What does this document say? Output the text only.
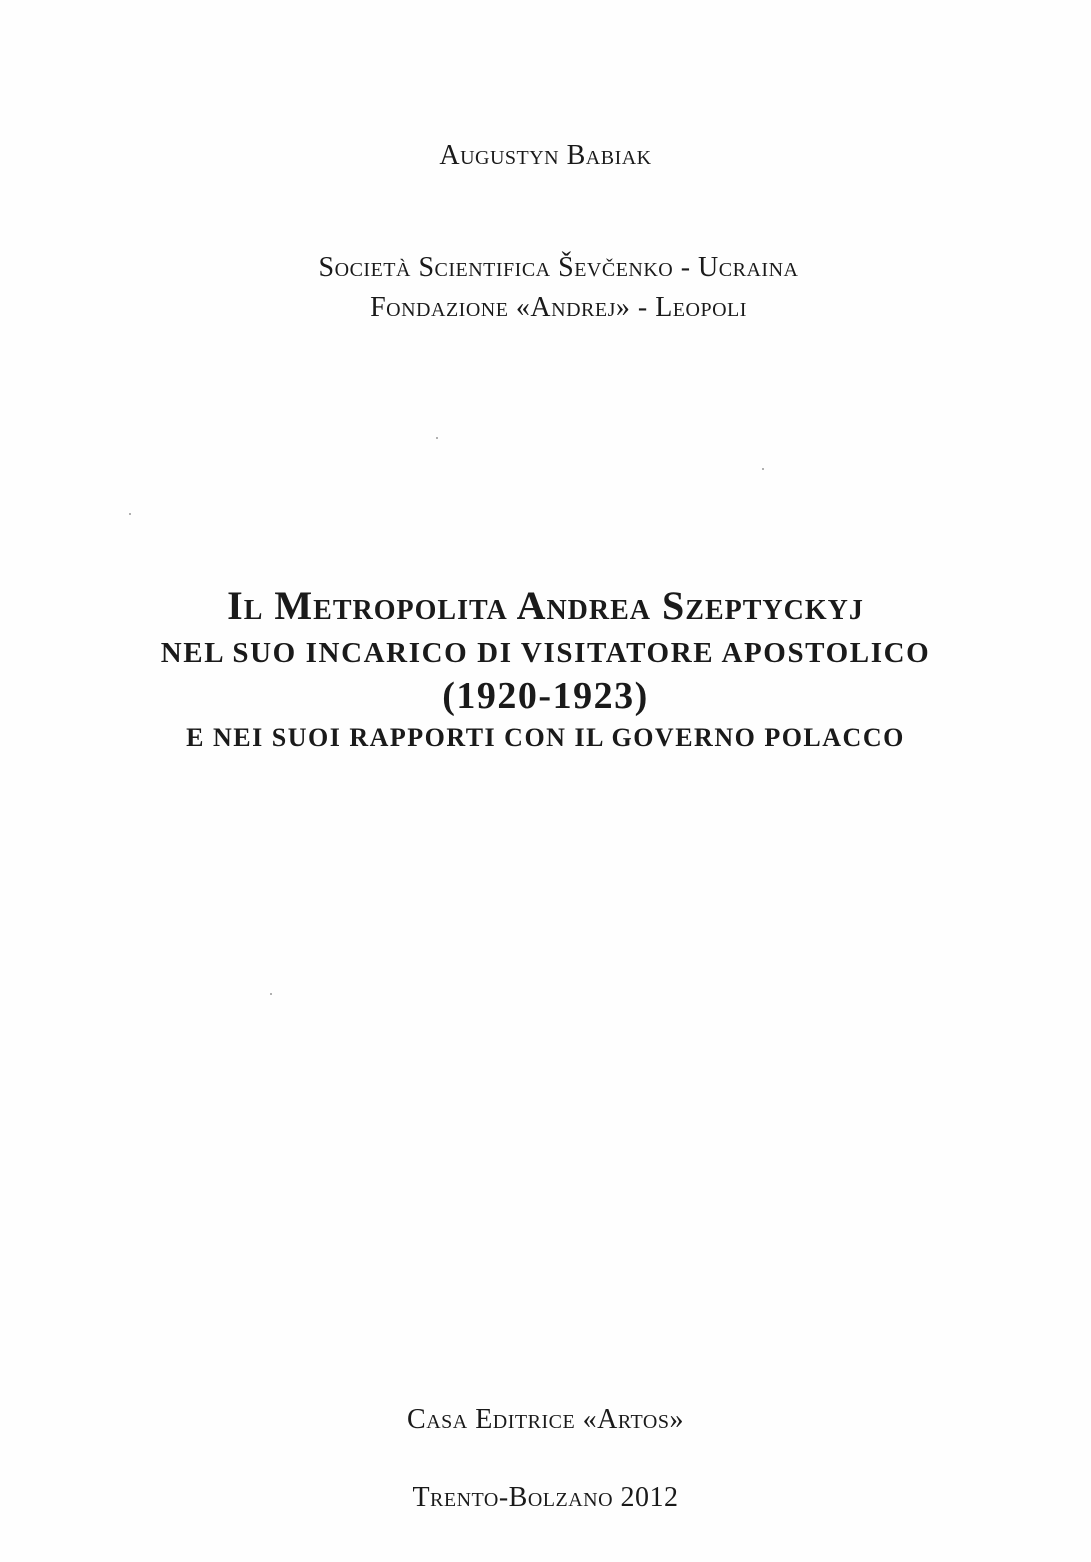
Augustyn Babiak
Società Scientifica Ševčenko - Ucraina
Fondazione «Andrej» - Leopoli
Il Metropolita Andrea Szeptyckyj
NEL SUO INCARICO DI VISITATORE APOSTOLICO
(1920-1923)
E NEI SUOI RAPPORTI CON IL GOVERNO POLACCO
Casa Editrice «Artos»
Trento-Bolzano 2012
